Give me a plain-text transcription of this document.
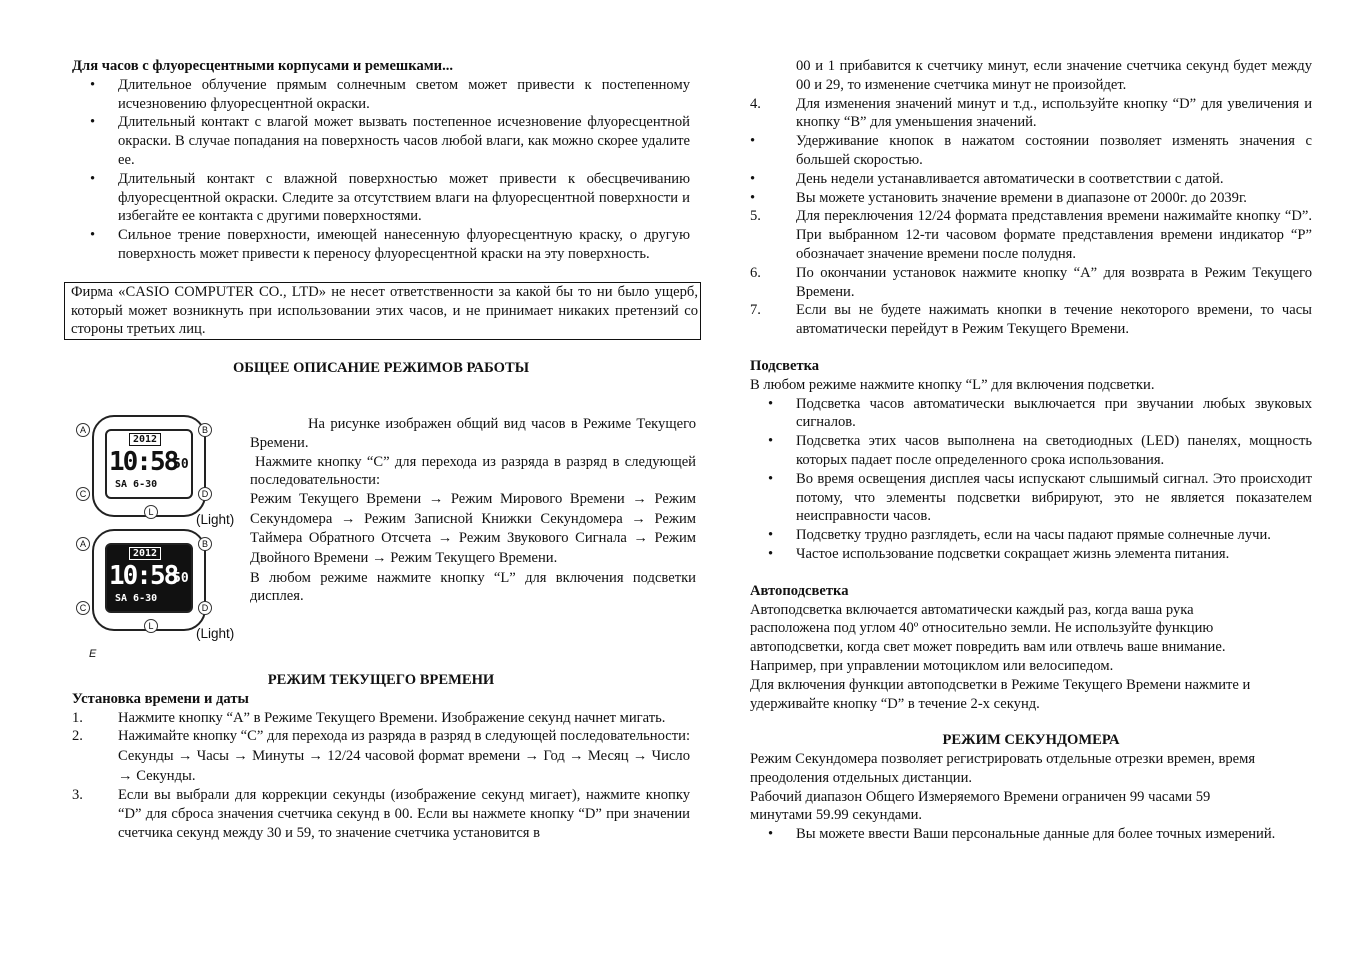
Для часов с флуоресцентными корпусами и ремешками...

• Длительное облучение прямым солнечным светом может привести к постепенному исчезновению флуоресцентной окраски.
• Длительный контакт с влагой может вызвать постепенное исчезновение флуоресцентной окраски. В случае попадания на поверхность часов любой влаги, как можно скорее удалите ее.
• Длительный контакт с влажной поверхностью может привести к обесцвечиванию флуоресцентной окраски. Следите за отсутствием влаги на флуоресцентной поверхности и избегайте ее контакта с другими поверхностями.
• Сильное трение поверхности, имеющей нанесенную флуоресцентную краску, о другую поверхность может привести к переносу флуоресцентной краски на эту поверхность.

Фирма «CASIO COMPUTER CO., LTD» не несет ответственности за какой бы то ни было ущерб, который может возникнуть при использовании этих часов, и не принимает никаких претензий со стороны третьих лиц.

ОБЩЕЕ ОПИСАНИЕ РЕЖИМОВ РАБОТЫ

2012
10:58
50
SA 6-30
A	B
C	D
L	(Light)
2012
10:58
50
SA 6-30
A	B
C	D
L	(Light)
E

На рисунке изображен общий вид часов в Режиме Текущего Времени.

Нажмите кнопку “C” для перехода из разряда в разряд в следующей последовательности:

Режим Текущего Времени → Режим Мирового Времени → Режим Секундомера → Режим Записной Книжки Секундомера → Режим Таймера Обратного Отсчета → Режим Звукового Сигнала → Режим Двойного Времени → Режим Текущего Времени.

В любом режиме нажмите кнопку “L” для включения подсветки дисплея.

РЕЖИМ ТЕКУЩЕГО ВРЕМЕНИ

Установка времени и даты

1. Нажмите кнопку “A” в Режиме Текущего Времени. Изображение секунд начнет мигать.
2. Нажимайте кнопку “C” для перехода из разряда в разряд в следующей последовательности: Секунды → Часы → Минуты → 12/24 часовой формат времени → Год → Месяц → Число → Секунды.
3. Если вы выбрали для коррекции секунды (изображение секунд мигает), нажмите кнопку “D” для сброса значения счетчика секунд в 00. Если вы нажмете кнопку “D” при значении счетчика секунд между 30 и 59, то значение счетчика установится в

00 и 1 прибавится к счетчику минут, если значение счетчика секунд будет между 00 и 29, то изменение счетчика минут не произойдет.

4. Для изменения значений минут и т.д., используйте кнопку “D” для увеличения и кнопку “B” для уменьшения значений.
•	Удерживание кнопок в нажатом состоянии позволяет изменять значения с большей скоростью.
•	День недели устанавливается автоматически в соответствии с датой.
•	Вы можете установить значение времени в диапазоне от 2000г. до 2039г.
5. Для переключения 12/24 формата представления времени нажимайте кнопку “D”. При выбранном 12-ти часовом формате представления времени индикатор “P” обозначает значение времени после полудня.
6. По окончании установок нажмите кнопку “A” для возврата в Режим Текущего Времени.
7. Если вы не будете нажимать кнопки в течение некоторого времени, то часы автоматически перейдут в Режим Текущего Времени.

Подсветка

В любом режиме нажмите кнопку “L” для включения подсветки.

• Подсветка часов автоматически выключается при звучании любых звуковых сигналов.
• Подсветка этих часов выполнена на светодиодных (LED) панелях, мощность которых падает после определенного срока использования.
• Во время освещения дисплея часы испускают слышимый сигнал. Это происходит потому, что элементы подсветки вибрируют, это не является показателем неисправности часов.
• Подсветку трудно разглядеть, если на часы падают прямые солнечные лучи.
• Частое использование подсветки сокращает жизнь элемента питания.

Автоподсветка

Автоподсветка включается автоматически каждый раз, когда ваша рука
расположена под углом 40º относительно земли. Не используйте функцию
автоподсветки, когда свет может повредить вам или отвлечь ваше внимание.
Например, при управлении мотоциклом или велосипедом.
Для включения функции автоподсветки в Режиме Текущего Времени нажмите и
удерживайте кнопку “D” в течение 2-х секунд.

РЕЖИМ СЕКУНДОМЕРА

Режим Секундомера позволяет регистрировать отдельные отрезки времен, время
преодоления отдельных дистанции.
Рабочий диапазон Общего Измеряемого Времени ограничен 99 часами 59
минутами 59.99 секундами.
• Вы можете ввести Ваши персональные данные для более точных измерений.
